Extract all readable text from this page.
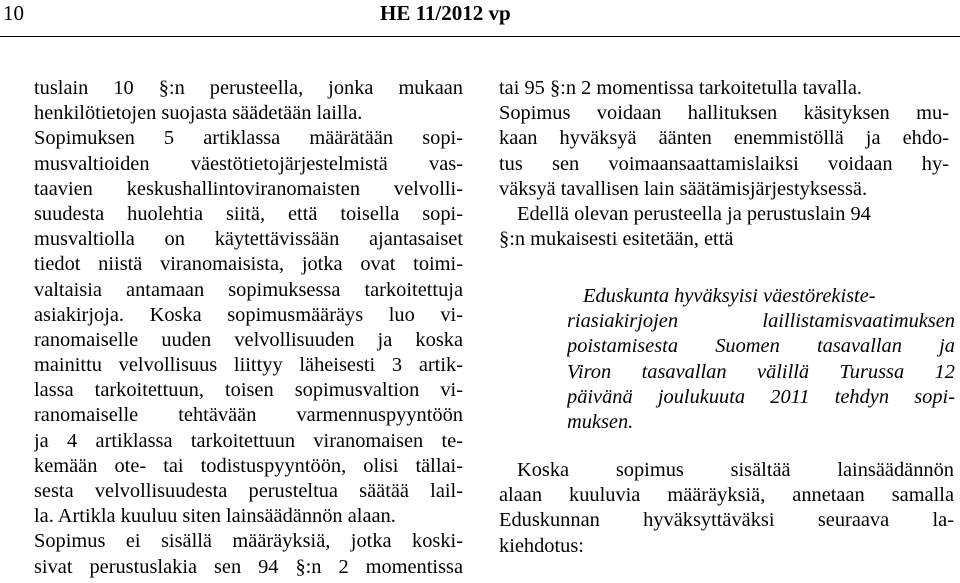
10	HE 11/2012 vp
tuslain 10 §:n perusteella, jonka mukaan
henkilötietojen suojasta säädetään lailla.
Sopimuksen 5 artiklassa määrätään sopi-
musvaltioiden väestötietojärjestelmistä vas-
taavien keskushallintoviranomaisten velvolli-
suudesta huolehtia siitä, että toisella sopi-
musvaltiolla on käytettävissään ajantasaiset
tiedot niistä viranomaisista, jotka ovat toimi-
valtaisia antamaan sopimuksessa tarkoitettuja
asiakirjoja. Koska sopimusmääräys luo vi-
ranomaiselle uuden velvollisuuden ja koska
mainittu velvollisuus liittyy läheisesti 3 artik-
lassa tarkoitettuun, toisen sopimusvaltion vi-
ranomaiselle tehtävään varmennuspyyntöön
ja 4 artiklassa tarkoitettuun viranomaisen te-
kemään ote- tai todistuspyyntöön, olisi tällai-
sesta velvollisuudesta perusteltua säätää lail-
la. Artikla kuuluu siten lainsäädännön alaan.
Sopimus ei sisällä määräyksiä, jotka koski-
sivat perustuslakia sen 94 §:n 2 momentissa
tai 95 §:n 2 momentissa tarkoitetulla tavalla.
Sopimus voidaan hallituksen käsityksen mu-
kaan hyväksyä äänten enemmistöllä ja ehdo-
tus sen voimaansaattamislaiksi voidaan hy-
väksyä tavallisen lain säätämisjärjestyksessä.
Edellä olevan perusteella ja perustuslain 94
§:n mukaisesti esitetään, että
Eduskunta hyväksyisi väestörekiste-
riasiakirjojen laillistamisvaatimuksen
poistamisesta Suomen tasavallan ja
Viron tasavallan välillä Turussa 12
päivänä joulukuuta 2011 tehdyn sopi-
muksen.
Koska sopimus sisältää lainsäädännön
alaan kuuluvia määräyksiä, annetaan samalla
Eduskunnan hyväksyttäväksi seuraava la-
kiehdotus:
